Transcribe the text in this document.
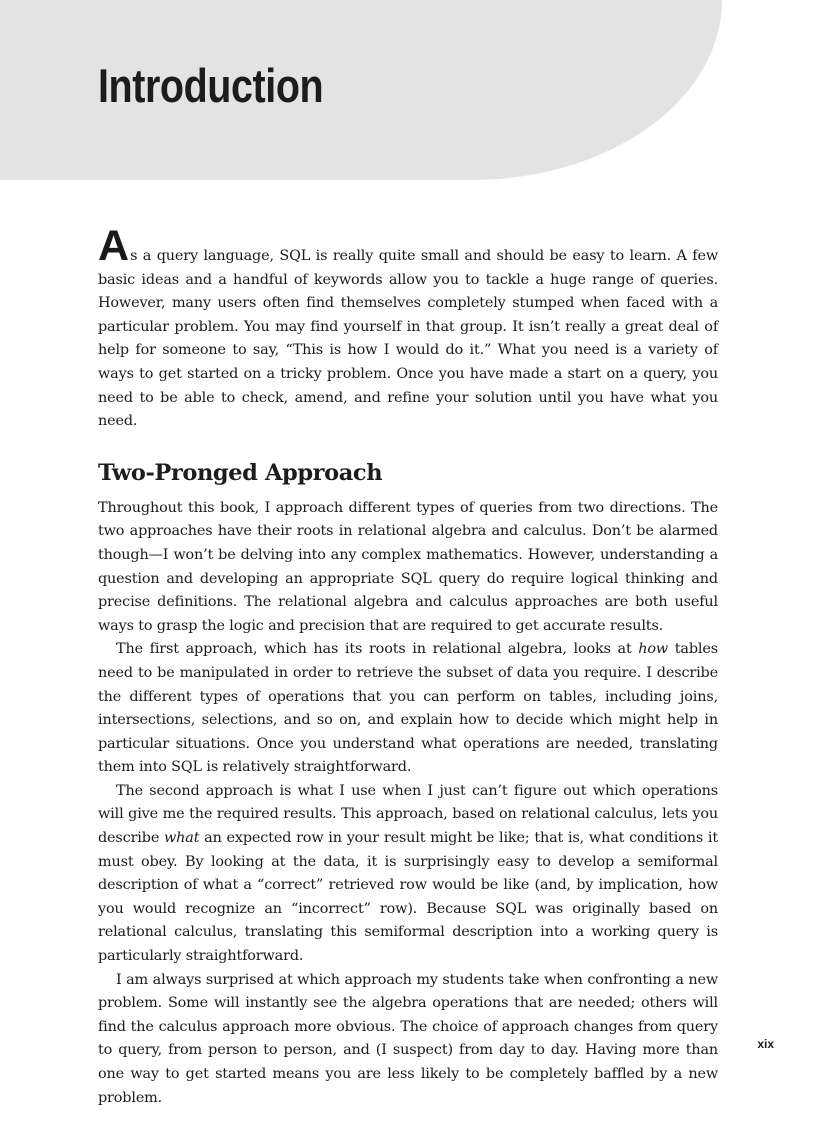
Introduction

As a query language, SQL is really quite small and should be easy to learn. A few basic ideas and a handful of keywords allow you to tackle a huge range of queries. However, many users often find themselves completely stumped when faced with a particular problem. You may find yourself in that group. It isn’t really a great deal of help for someone to say, “This is how I would do it.” What you need is a variety of ways to get started on a tricky problem. Once you have made a start on a query, you need to be able to check, amend, and refine your solution until you have what you need.

Two-Pronged Approach

Throughout this book, I approach different types of queries from two directions. The two approaches have their roots in relational algebra and calculus. Don’t be alarmed though—I won’t be delving into any complex mathematics. However, understanding a question and developing an appropriate SQL query do require logical thinking and precise definitions. The relational algebra and calculus approaches are both useful ways to grasp the logic and precision that are required to get accurate results.

The first approach, which has its roots in relational algebra, looks at how tables need to be manipulated in order to retrieve the subset of data you require. I describe the different types of operations that you can perform on tables, including joins, intersections, selections, and so on, and explain how to decide which might help in particular situations. Once you understand what operations are needed, translating them into SQL is relatively straightforward.

The second approach is what I use when I just can’t figure out which operations will give me the required results. This approach, based on relational calculus, lets you describe what an expected row in your result might be like; that is, what conditions it must obey. By looking at the data, it is surprisingly easy to develop a semiformal description of what a “correct” retrieved row would be like (and, by implication, how you would recognize an “incorrect” row). Because SQL was originally based on relational calculus, translating this semiformal description into a working query is particularly straightforward.

I am always surprised at which approach my students take when confronting a new problem. Some will instantly see the algebra operations that are needed; others will find the calculus approach more obvious. The choice of approach changes from query to query, from person to person, and (I suspect) from day to day. Having more than one way to get started means you are less likely to be completely baffled by a new problem.

xix
